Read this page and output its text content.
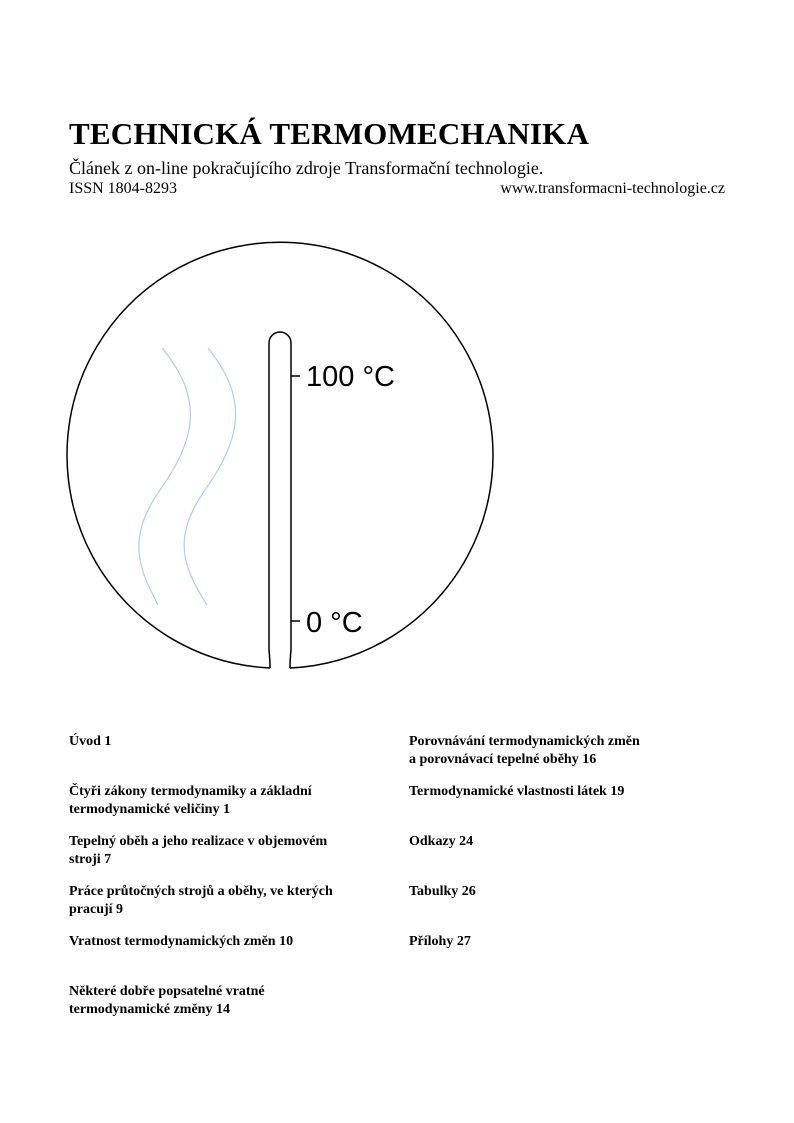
TECHNICKÁ TERMOMECHANIKA
Článek z on-line pokračujícího zdroje Transformační technologie.
ISSN 1804-8293	www.transformacni-technologie.cz
100 °C
0 °C
Úvod 1
Čtyři zákony termodynamiky a základní
termodynamické veličiny 1
Tepelný oběh a jeho realizace v objemovém
stroji 7
Práce průtočných strojů a oběhy, ve kterých
pracují 9
Vratnost termodynamických změn 10
Některé dobře popsatelné vratné
termodynamické změny 14
Porovnávání termodynamických změn
a porovnávací tepelné oběhy 16
Termodynamické vlastnosti látek 19
Odkazy 24
Tabulky 26
Přílohy 27
